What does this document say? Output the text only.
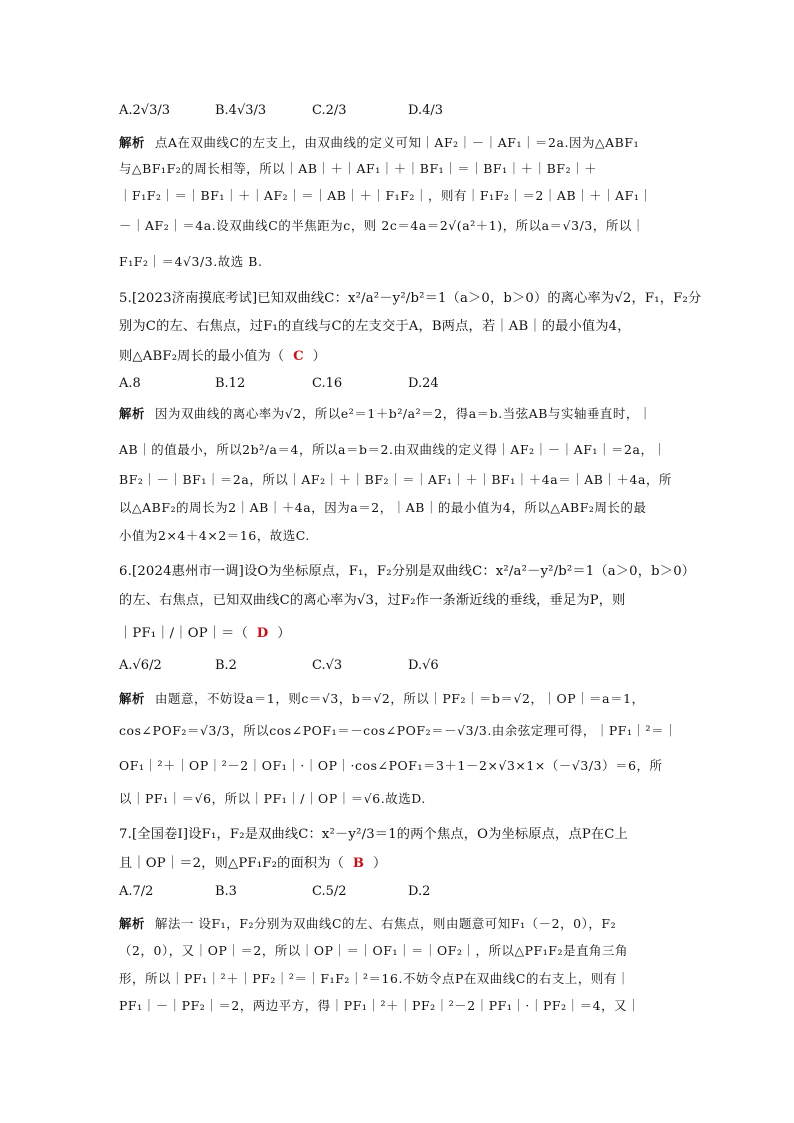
A.2√3/3	B.4√3/3	C.2/3	D.4/3
解析 点A在双曲线C的左支上，由双曲线的定义可知｜AF₂｜－｜AF₁｜＝2a.因为△ABF₁
与△BF₁F₂的周长相等，所以｜AB｜＋｜AF₁｜＋｜BF₁｜＝｜BF₁｜＋｜BF₂｜＋
｜F₁F₂｜＝｜BF₁｜＋｜AF₂｜＝｜AB｜＋｜F₁F₂｜，则有｜F₁F₂｜＝2｜AB｜＋｜AF₁｜
－｜AF₂｜＝4a.设双曲线C的半焦距为c，则 2c＝4a＝2√(a²＋1)，所以a＝√3/3，所以｜
F₁F₂｜＝4√3/3.故选 B.
5.[2023济南摸底考试]已知双曲线C：x²/a²－y²/b²＝1（a＞0，b＞0）的离心率为√2，F₁，F₂分
别为C的左、右焦点，过F₁的直线与C的左支交于A，B两点，若｜AB｜的最小值为4，
则△ABF₂周长的最小值为（ C ）
A.8	B.12	C.16	D.24
解析 因为双曲线的离心率为√2，所以e²＝1＋b²/a²＝2，得a＝b.当弦AB与实轴垂直时，｜
AB｜的值最小，所以2b²/a＝4，所以a＝b＝2.由双曲线的定义得｜AF₂｜－｜AF₁｜＝2a，｜
BF₂｜－｜BF₁｜＝2a，所以｜AF₂｜＋｜BF₂｜＝｜AF₁｜＋｜BF₁｜＋4a＝｜AB｜＋4a，所
以△ABF₂的周长为2｜AB｜＋4a，因为a＝2，｜AB｜的最小值为4，所以△ABF₂周长的最
小值为2×4＋4×2＝16，故选C.
6.[2024惠州市一调]设O为坐标原点，F₁，F₂分别是双曲线C：x²/a²－y²/b²＝1（a＞0，b＞0）
的左、右焦点，已知双曲线C的离心率为√3，过F₂作一条渐近线的垂线，垂足为P，则
｜PF₁｜/｜OP｜＝（ D ）
A.√6/2	B.2	C.√3	D.√6
解析 由题意，不妨设a＝1，则c＝√3，b＝√2，所以｜PF₂｜＝b＝√2，｜OP｜＝a＝1，
cos∠POF₂＝√3/3，所以cos∠POF₁＝－cos∠POF₂＝－√3/3.由余弦定理可得，｜PF₁｜²＝｜
OF₁｜²＋｜OP｜²－2｜OF₁｜·｜OP｜·cos∠POF₁＝3＋1－2×√3×1×（－√3/3）＝6，所
以｜PF₁｜＝√6，所以｜PF₁｜/｜OP｜＝√6.故选D.
7.[全国卷Ⅰ]设F₁，F₂是双曲线C：x²－y²/3＝1的两个焦点，O为坐标原点，点P在C上
且｜OP｜＝2，则△PF₁F₂的面积为（ B ）
A.7/2	B.3	C.5/2	D.2
解析 解法一 设F₁，F₂分别为双曲线C的左、右焦点，则由题意可知F₁（－2，0），F₂
（2，0），又｜OP｜＝2，所以｜OP｜＝｜OF₁｜＝｜OF₂｜，所以△PF₁F₂是直角三角
形，所以｜PF₁｜²＋｜PF₂｜²＝｜F₁F₂｜²＝16.不妨令点P在双曲线C的右支上，则有｜
PF₁｜－｜PF₂｜＝2，两边平方，得｜PF₁｜²＋｜PF₂｜²－2｜PF₁｜·｜PF₂｜＝4，又｜
